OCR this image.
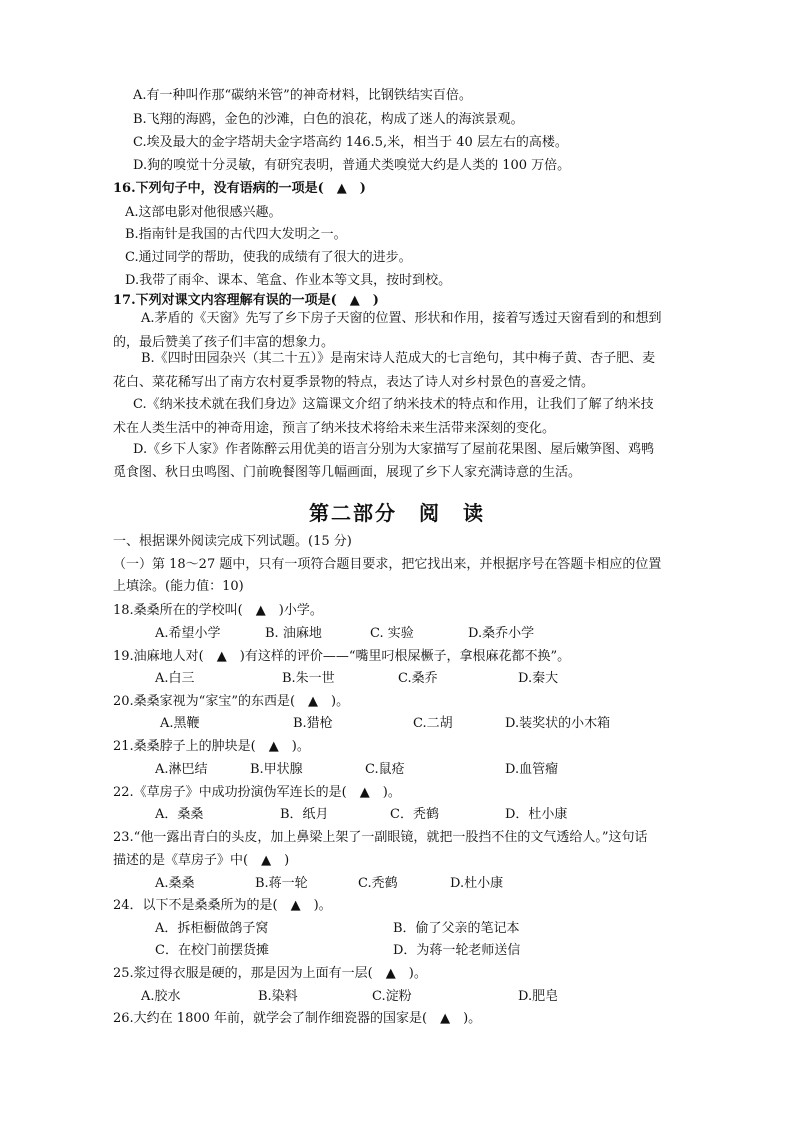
A.有一种叫作那“碳纳米管”的神奇材料，比钢铁结实百倍。
B.飞翔的海鸥，金色的沙滩，白色的浪花，构成了迷人的海滨景观。
C.埃及最大的金字塔胡夫金字塔高约 146.5,米，相当于 40 层左右的高楼。
D.狗的嗅觉十分灵敏，有研究表明，普通犬类嗅觉大约是人类的 100 万倍。
16.下列句子中，没有语病的一项是(　▲　)
A.这部电影对他很感兴趣。
B.指南针是我国的古代四大发明之一。
C.通过同学的帮助，使我的成绩有了很大的进步。
D.我带了雨伞、课本、笔盒、作业本等文具，按时到校。
17.下列对课文内容理解有误的一项是(　▲　)
A.茅盾的《天窗》先写了乡下房子天窗的位置、形状和作用，接着写透过天窗看到的和想到
的，最后赞美了孩子们丰富的想象力。
B.《四时田园杂兴（其二十五）》是南宋诗人范成大的七言绝句，其中梅子黄、杏子肥、麦
花白、菜花稀写出了南方农村夏季景物的特点，表达了诗人对乡村景色的喜爱之情。
C.《纳米技术就在我们身边》这篇课文介绍了纳米技术的特点和作用，让我们了解了纳米技
术在人类生活中的神奇用途，预言了纳米技术将给未来生活带来深刻的变化。
D.《乡下人家》作者陈醉云用优美的语言分别为大家描写了屋前花果图、屋后嫩笋图、鸡鸭
觅食图、秋日虫鸣图、门前晚餐图等几幅画面，展现了乡下人家充满诗意的生活。
第二部分　阅　读
一、根据课外阅读完成下列试题。(15 分)
（一）第 18～27 题中，只有一项符合题目要求，把它找出来，并根据序号在答题卡相应的位置
上填涂。(能力值：10)
18.桑桑所在的学校叫(　▲　)小学。
A.希望小学	B. 油麻地	C. 实验	D.桑乔小学
19.油麻地人对(　▲　)有这样的评价——“嘴里叼根屎橛子，拿根麻花都不换”。
A.白三	B.朱一世	C.桑乔	D.秦大
20.桑桑家视为“家宝”的东西是(　▲　)。
A.黑鞭	B.猎枪	C.二胡	D.装奖状的小木箱
21.桑桑脖子上的肿块是(　▲　)。
A.淋巴结	B.甲状腺	C.鼠疮	D.血管瘤
22.《草房子》中成功扮演伪军连长的是(　▲　)。
A．桑桑	B．纸月	C．秃鹤	D．杜小康
23.“他一露出青白的头皮，加上鼻梁上架了一副眼镜，就把一股挡不住的文气透给人。”这句话
描述的是《草房子》中(　▲　)
A.桑桑	B.蒋一轮	C.秃鹤	D.杜小康
24．以下不是桑桑所为的是(　▲　)。
A．拆柜橱做鸽子窝	B．偷了父亲的笔记本
C．在校门前摆货摊	D．为蒋一轮老师送信
25.浆过得衣服是硬的，那是因为上面有一层(　▲　)。
A.胶水	B.染料	C.淀粉	D.肥皂
26.大约在 1800 年前，就学会了制作细瓷器的国家是(　▲　)。
